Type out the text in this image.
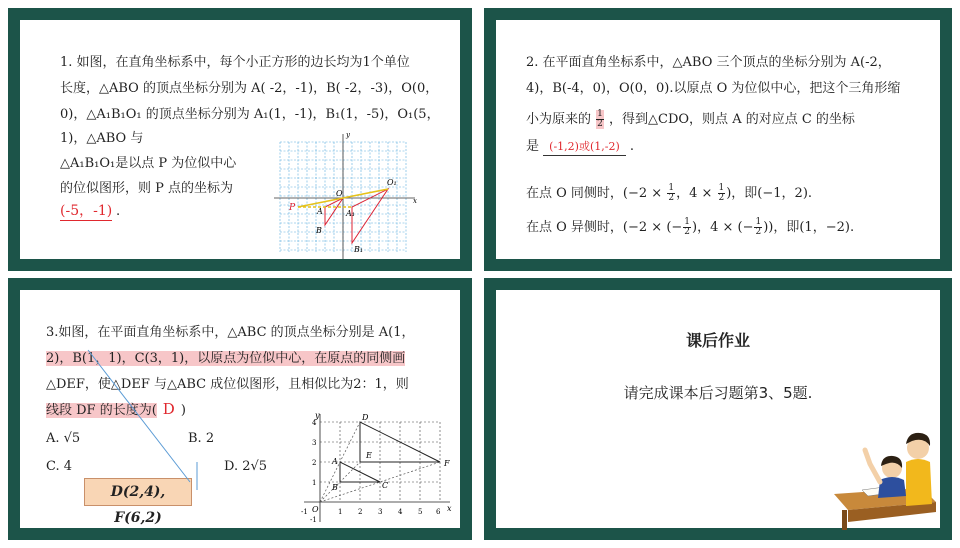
1. 如图，在直角坐标系中，每个小正方形的边长均为1个单位
长度，△ABO 的顶点坐标分别为 A( -2，-1)，B( -2，-3)，O(0，
0)，△A₁B₁O₁ 的顶点坐标分别为 A₁(1，-1)，B₁(1，-5)，O₁(5，
1)，△ABO 与
△A₁B₁O₁是以点 P 为位似中心
的位似图形，则 P 点的坐标为
(-5，-1) .
y
x
O
O₁
P	A	A₁
B
B₁
2. 在平面直角坐标系中，△ABO 三个顶点的坐标分别为 A(-2，
4)，B(-4，0)，O(0，0).以原点 O 为位似中心，把这个三角形缩
小为原来的 $\frac{1}{2}$ ，得到△CDO，则点 A 的对应点 C 的坐标
是 (-1,2)或(1,-2) .
在点 O 同侧时，($-2 \times \frac{1}{2}$ ，$4 \times \frac{1}{2}$ )，即(−1，2).
在点 O 异侧时，(−2 × (− $\frac{1}{2}$ )，4 × (− $\frac{1}{2}$ ))，即(1，−2).
3.如图，在平面直角坐标系中，△ABC 的顶点坐标分别是 A(1，
2)，B(1，1)，C(3，1)，以原点为位似中心，在原点的同侧画
△DEF，使△DEF 与△ABC 成位似图形，且相似比为2：1，则
线段 DF 的长度为( D )
A. √5	B. 2
C. 4	D. 2√5
D(2,4), F(6,2)
y
x
O
D
E
F
A
B	C
-1	1 2 3 4 5 6
1
2
3
4
-1
课后作业
请完成课本后习题第3、5题.
